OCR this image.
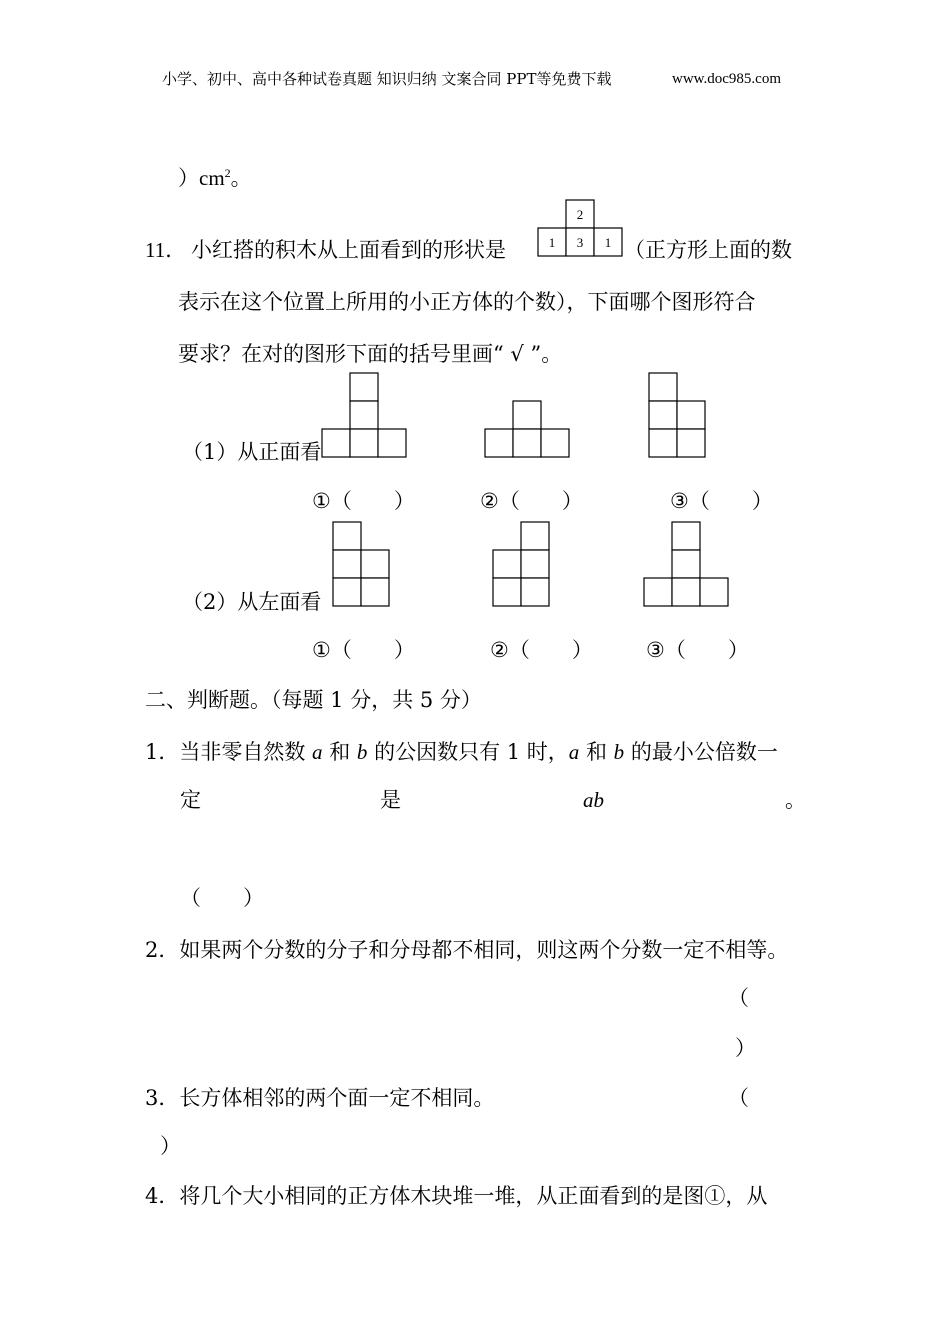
小学、初中、高中各种试卷真题 知识归纳 文案合同 PPT等免费下载	www.doc985.com
）$cm^2$。
11． 小红搭的积木从上面看到的形状是
2
1 3 1 （正方形上面的数
表示在这个位置上所用的小正方体的个数），下面哪个图形符合
要求？在对的图形下面的括号里画“ √ ”。
（1）从正面看
①（　　）	②（　　）	③（　　）
（2）从左面看
①（　　）	②（　　）	③（　　）
二、判断题。（每题 1 分，共 5 分）
1．当非零自然数 a 和 b 的公因数只有 1 时，a 和 b 的最小公倍数一
定	是	ab	。
（　　）
2．如果两个分数的分子和分母都不相同，则这两个分数一定不相等。
（
）
3．长方体相邻的两个面一定不相同。	（
）
4．将几个大小相同的正方体木块堆一堆，从正面看到的是图①，从
